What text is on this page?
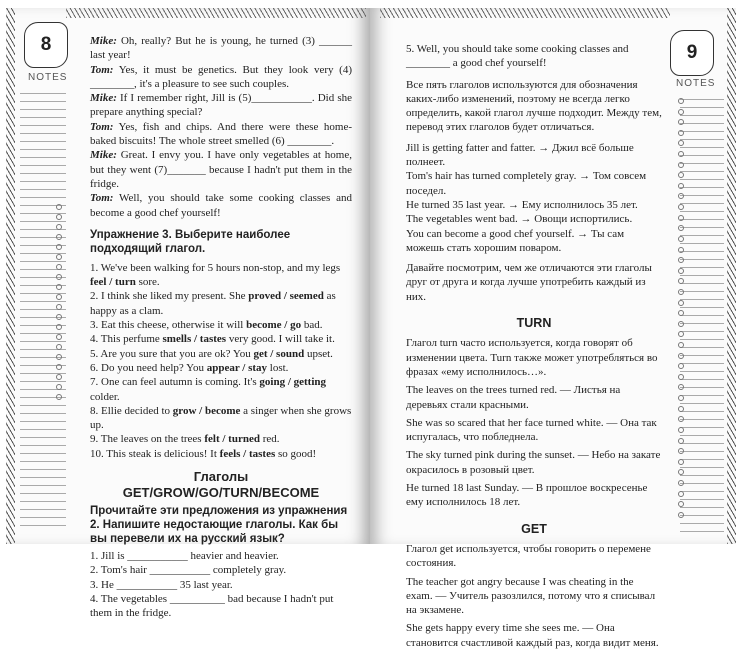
8
NOTES

Mike: Oh, really? But he is young, he turned (3) ______ last year!

Tom: Yes, it must be genetics. But they look very (4) ________, it's a pleasure to see such couples.

Mike: If I remember right, Jill is (5)___________. Did she prepare anything special?

Tom: Yes, fish and chips. And there were these home-baked biscuits! The whole street smelled (6) ________.

Mike: Great. I envy you. I have only vegetables at home, but they went (7)_______ because I hadn't put them in the fridge.

Tom: Well, you should take some cooking classes and become a good chef yourself!

Упражнение 3. Выберите наиболее подходящий глагол.

1. We've been walking for 5 hours non-stop, and my legs feel / turn sore.

2. I think she liked my present. She proved / seemed as happy as a clam.

3. Eat this cheese, otherwise it will become / go bad.

4. This perfume smells / tastes very good. I will take it.

5. Are you sure that you are ok? You get / sound upset.

6. Do you need help? You appear / stay lost.

7. One can feel autumn is coming. It's going / getting colder.

8. Ellie decided to grow / become a singer when she grows up.

9. The leaves on the trees felt / turned red.

10. This steak is delicious! It feels / tastes so good!

Глаголы

GET/GROW/GO/TURN/BECOME

Прочитайте эти предложения из упражнения 2. Напишите недостающие глаголы. Как бы вы перевели их на русский язык?

1. Jill is ___________ heavier and heavier.

2. Tom's hair ___________ completely gray.

3. He ___________ 35 last year.

4. The vegetables __________ bad because I hadn't put them in the fridge.

9
NOTES

5. Well, you should take some cooking classes and ________ a good chef yourself!

Все пять глаголов используются для обозначения каких-либо изменений, поэтому не всегда легко определить, какой глагол лучше подходит. Между тем, перевод этих глаголов будет отличаться.

Jill is getting fatter and fatter. → Джил всё больше полнеет.

Tom's hair has turned completely gray. → Том совсем поседел.

He turned 35 last year. → Ему исполнилось 35 лет.

The vegetables went bad. → Овощи испортились.

You can become a good chef yourself. → Ты сам можешь стать хорошим поваром.

Давайте посмотрим, чем же отличаются эти глаголы друг от друга и когда лучше употребить каждый из них.

TURN

Глагол turn часто используется, когда говорят об изменении цвета. Turn также может употребляться во фразах «ему исполнилось…».

The leaves on the trees turned red. — Листья на деревьях стали красными.

She was so scared that her face turned white. — Она так испугалась, что побледнела.

The sky turned pink during the sunset. — Небо на закате окрасилось в розовый цвет.

He turned 18 last Sunday. — В прошлое воскресенье ему исполнилось 18 лет.

GET

Глагол get используется, чтобы говорить о перемене состояния.

The teacher got angry because I was cheating in the exam. — Учитель разозлился, потому что я списывал на экзамене.

She gets happy every time she sees me. — Она становится счастливой каждый раз, когда видит меня.
